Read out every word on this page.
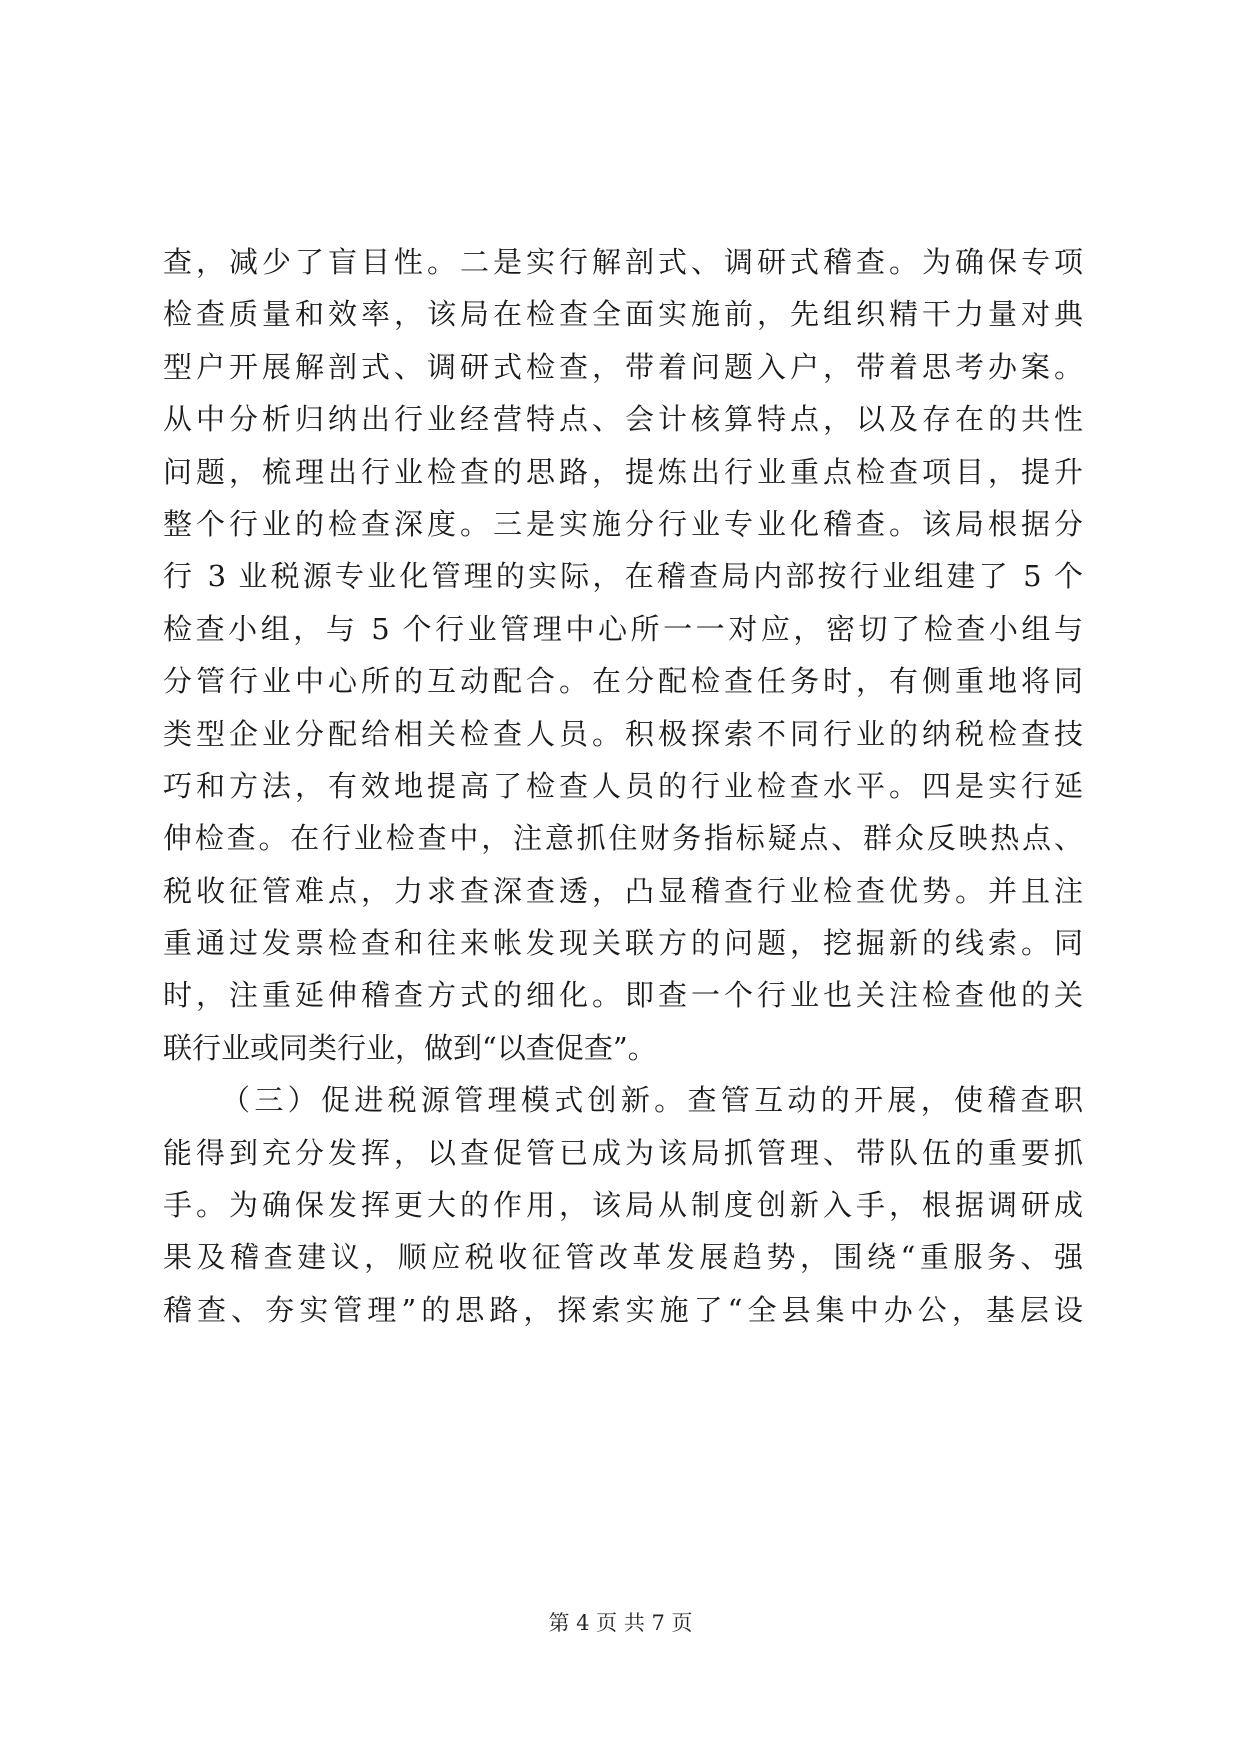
查，减少了盲目性。二是实行解剖式、调研式稽查。为确保专项
检查质量和效率，该局在检查全面实施前，先组织精干力量对典
型户开展解剖式、调研式检查，带着问题入户，带着思考办案。
从中分析归纳出行业经营特点、会计核算特点，以及存在的共性
问题，梳理出行业检查的思路，提炼出行业重点检查项目，提升
整个行业的检查深度。三是实施分行业专业化稽查。该局根据分
行 3 业税源专业化管理的实际，在稽查局内部按行业组建了 5 个
检查小组，与 5 个行业管理中心所一一对应，密切了检查小组与
分管行业中心所的互动配合。在分配检查任务时，有侧重地将同
类型企业分配给相关检查人员。积极探索不同行业的纳税检查技
巧和方法，有效地提高了检查人员的行业检查水平。四是实行延
伸检查。在行业检查中，注意抓住财务指标疑点、群众反映热点、
税收征管难点，力求查深查透，凸显稽查行业检查优势。并且注
重通过发票检查和往来帐发现关联方的问题，挖掘新的线索。同
时，注重延伸稽查方式的细化。即查一个行业也关注检查他的关
联行业或同类行业，做到“以查促查”。
（三）促进税源管理模式创新。查管互动的开展，使稽查职
能得到充分发挥，以查促管已成为该局抓管理、带队伍的重要抓
手。为确保发挥更大的作用，该局从制度创新入手，根据调研成
果及稽查建议，顺应税收征管改革发展趋势，围绕“重服务、强
稽查、夯实管理”的思路，探索实施了“全县集中办公，基层设
第 4 页 共 7 页
